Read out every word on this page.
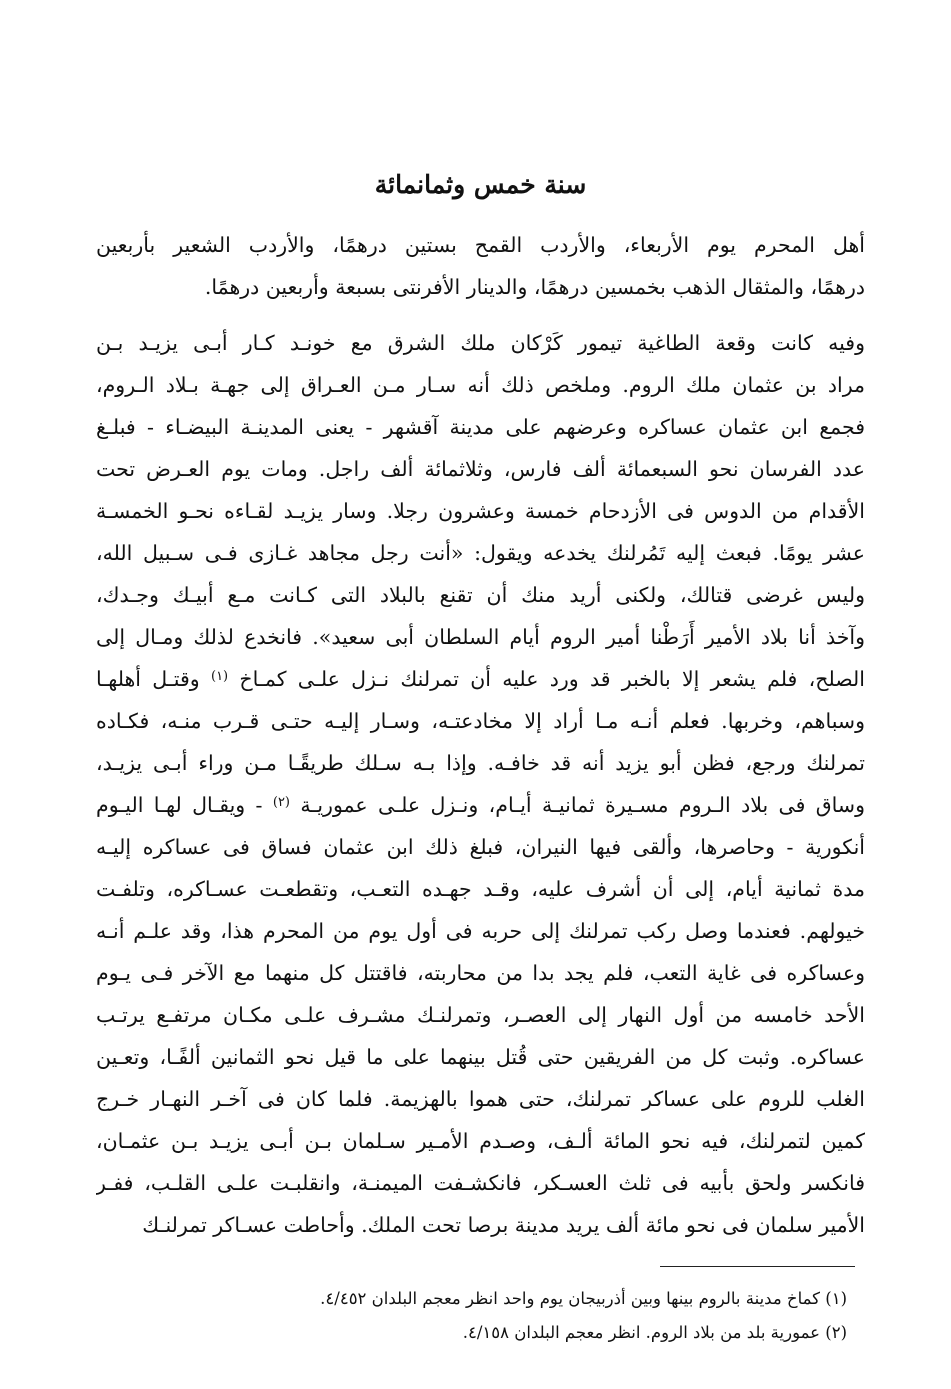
سنة خمس وثمانمائة

أهل المحرم يوم الأربعاء، والأردب القمح بستين درهمًا، والأردب الشعير بأربعين
درهمًا، والمثقال الذهب بخمسين درهمًا، والدينار الأفرنتى بسبعة وأربعين درهمًا.

وفيه كانت وقعة الطاغية تيمور كَرْكان ملك الشرق مع خونـد كـار أبـى يزيـد بـن
مراد بن عثمان ملك الروم. وملخص ذلك أنه سـار مـن العـراق إلى جهـة بـلاد الـروم،
فجمع ابن عثمان عساكره وعرضهم على مدينة آقشهر - يعنى المدينـة البيضـاء - فبلـغ
عدد الفرسان نحو السبعمائة ألف فارس، وثلاثمائة ألف راجل. ومات يوم العـرض تحت
الأقدام من الدوس فى الأزدحام خمسة وعشرون رجلا. وسار يزيـد لقـاءه نحـو الخمسـة
عشر يومًا. فبعث إليه تَمُرلنك يخدعه ويقول: «أنت رجل مجاهد غـازى فـى سـبيل الله،
وليس غرضى قتالك، ولكنى أريد منك أن تقنع بالبلاد التى كـانت مـع أبيـك وجـدك،
وآخذ أنا بلاد الأمير أَرَطْنا أمير الروم أيام السلطان أبى سعيد». فانخدع لذلك ومـال إلى
الصلح، فلم يشعر إلا بالخبر قد ورد عليه أن تمرلنك نـزل علـى كمـاخ $^{(١)}$ وقتـل أهلهـا
وسباهم، وخربها. فعلم أنـه مـا أراد إلا مخادعتـه، وسـار إليـه حتـى قـرب منـه، فكـاده
تمرلنك ورجع، فظن أبو يزيد أنه قد خافـه. وإذا بـه سـلك طريقًـا مـن وراء أبـى يزيـد،
وساق فى بلاد الـروم مسـيرة ثمانيـة أيـام، ونـزل علـى عموريـة $^{(٢)}$ - ويقـال لهـا اليـوم
أنكورية - وحاصرها، وألقى فيها النيران، فبلغ ذلك ابن عثمان فساق فى عساكره إليـه
مدة ثمانية أيام، إلى أن أشرف عليه، وقـد جهـده التعـب، وتقطعـت عسـاكره، وتلفـت
خيولهم. فعندما وصل ركب تمرلنك إلى حربه فى أول يوم من المحرم هذا، وقد علـم أنـه
وعساكره فى غاية التعب، فلم يجد بدا من محاربته، فاقتتل كل منهما مع الآخر فـى يـوم
الأحد خامسه من أول النهار إلى العصـر، وتمرلنـك مشـرف علـى مكـان مرتفـع يرتـب
عساكره. وثبت كل من الفريقين حتى قُتل بينهما على ما قيل نحو الثمانين ألفًـا، وتعـين
الغلب للروم على عساكر تمرلنك، حتى هموا بالهزيمة. فلما كان فى آخـر النهـار خـرج
كمين لتمرلنك، فيه نحو المائة ألـف، وصـدم الأمـير سـلمان بـن أبـى يزيـد بـن عثمـان،
فانكسر ولحق بأبيه فى ثلث العسـكر، فانكشـفت الميمنـة، وانقلبـت علـى القلـب، ففـر
الأمير سلمان فى نحو مائة ألف يريد مدينة برصا تحت الملك. وأحاطت عسـاكر تمرلنـك

(١) كماخ مدينة بالروم بينها وبين أذربيجان يوم واحد انظر معجم البلدان ٤/٤٥٢.
(٢) عمورية بلد من بلاد الروم. انظر معجم البلدان ٤/١٥٨.
